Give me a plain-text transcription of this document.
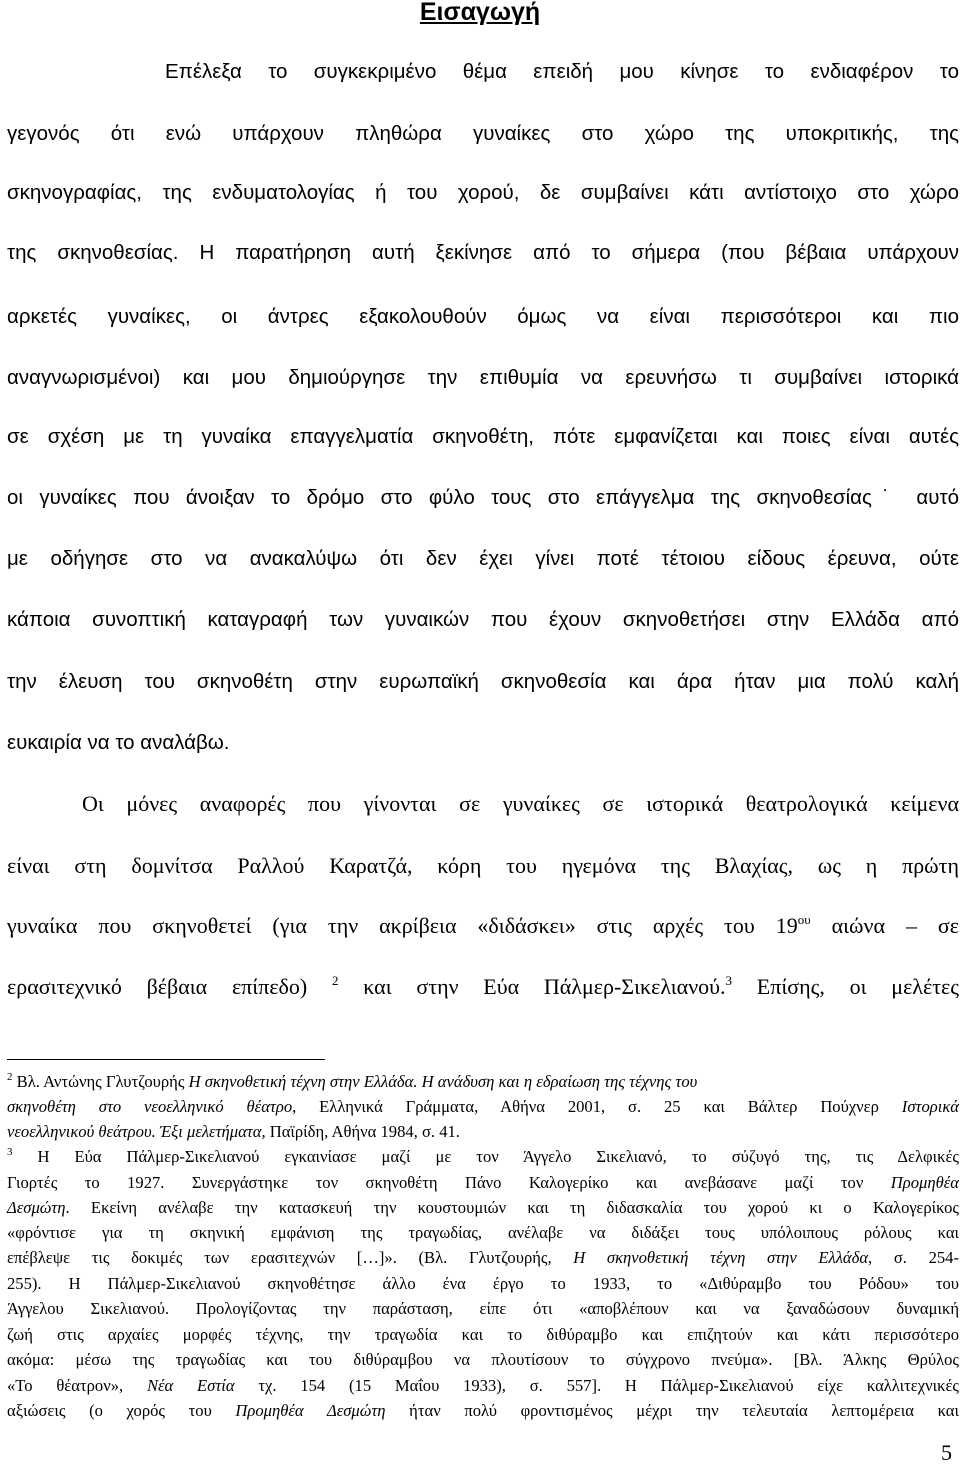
Εισαγωγή
Επέλεξα το συγκεκριμένο θέμα επειδή μου κίνησε το ενδιαφέρον το
γεγονός ότι ενώ υπάρχουν πληθώρα γυναίκες στο χώρο της υποκριτικής, της
σκηνογραφίας, της ενδυματολογίας ή του χορού, δε συμβαίνει κάτι αντίστοιχο στο χώρο
της σκηνοθεσίας. Η παρατήρηση αυτή ξεκίνησε από το σήμερα (που βέβαια υπάρχουν
αρκετές γυναίκες, οι άντρες εξακολουθούν όμως να είναι περισσότεροι και πιο
αναγνωρισμένοι) και μου δημιούργησε την επιθυμία να ερευνήσω τι συμβαίνει ιστορικά
σε σχέση με τη γυναίκα επαγγελματία σκηνοθέτη, πότε εμφανίζεται και ποιες είναι αυτές
οι γυναίκες που άνοιξαν το δρόμο στο φύλο τους στο επάγγελμα της σκηνοθεσίας˙ αυτό
με οδήγησε στο να ανακαλύψω ότι δεν έχει γίνει ποτέ τέτοιου είδους έρευνα, ούτε
κάποια συνοπτική καταγραφή των γυναικών που έχουν σκηνοθετήσει στην Ελλάδα από
την έλευση του σκηνοθέτη στην ευρωπαϊκή σκηνοθεσία και άρα ήταν μια πολύ καλή
ευκαιρία να το αναλάβω.
Οι μόνες αναφορές που γίνονται σε γυναίκες σε ιστορικά θεατρολογικά κείμενα
είναι στη δομνίτσα Ραλλού Καρατζά, κόρη του ηγεμόνα της Βλαχίας, ως η πρώτη
γυναίκα που σκηνοθετεί (για την ακρίβεια «διδάσκει» στις αρχές του $19^{o\upsilon}$ αιώνα – σε
ερασιτεχνικό βέβαια επίπεδο) $^2$ και στην Εύα Πάλμερ-Σικελιανού.$^3$ Επίσης, οι μελέτες
$^2$ Βλ. Αντώνης Γλυτζουρής Η σκηνοθετική τέχνη στην Ελλάδα. Η ανάδυση και η εδραίωση της τέχνης του
σκηνοθέτη στο νεοελληνικό θέατρο, Ελληνικά Γράμματα, Αθήνα 2001, σ. 25 και Βάλτερ Πούχνερ Ιστορικά
νεοελληνικού θεάτρου. Έξι μελετήματα, Παϊρίδη, Αθήνα 1984, σ. 41.
$^3$ Η Εύα Πάλμερ-Σικελιανού εγκαινίασε μαζί με τον Άγγελο Σικελιανό, το σύζυγό της, τις Δελφικές
Γιορτές το 1927. Συνεργάστηκε τον σκηνοθέτη Πάνο Καλογερίκο και ανεβάσανε μαζί τον Προμηθέα
Δεσμώτη. Εκείνη ανέλαβε την κατασκευή την κουστουμιών και τη διδασκαλία του χορού κι ο Καλογερίκος
«φρόντισε για τη σκηνική εμφάνιση της τραγωδίας, ανέλαβε να διδάξει τους υπόλοιπους ρόλους και
επέβλεψε τις δοκιμές των ερασιτεχνών […]». (Βλ. Γλυτζουρής, Η σκηνοθετική τέχνη στην Ελλάδα, σ. 254-
255). Η Πάλμερ-Σικελιανού σκηνοθέτησε άλλο ένα έργο το 1933, το «Διθύραμβο του Ρόδου» του
Άγγελου Σικελιανού. Προλογίζοντας την παράσταση, είπε ότι «αποβλέπουν και να ξαναδώσουν δυναμική
ζωή στις αρχαίες μορφές τέχνης, την τραγωδία και το διθύραμβο και επιζητούν και κάτι περισσότερο
ακόμα: μέσω της τραγωδίας και του διθύραμβου να πλουτίσουν το σύγχρονο πνεύμα». [Βλ. Άλκης Θρύλος
«Το θέατρον», Νέα Εστία τχ. 154 (15 Μαΐου 1933), σ. 557]. Η Πάλμερ-Σικελιανού είχε καλλιτεχνικές
αξιώσεις (ο χορός του Προμηθέα Δεσμώτη ήταν πολύ φροντισμένος μέχρι την τελευταία λεπτομέρεια και
5
